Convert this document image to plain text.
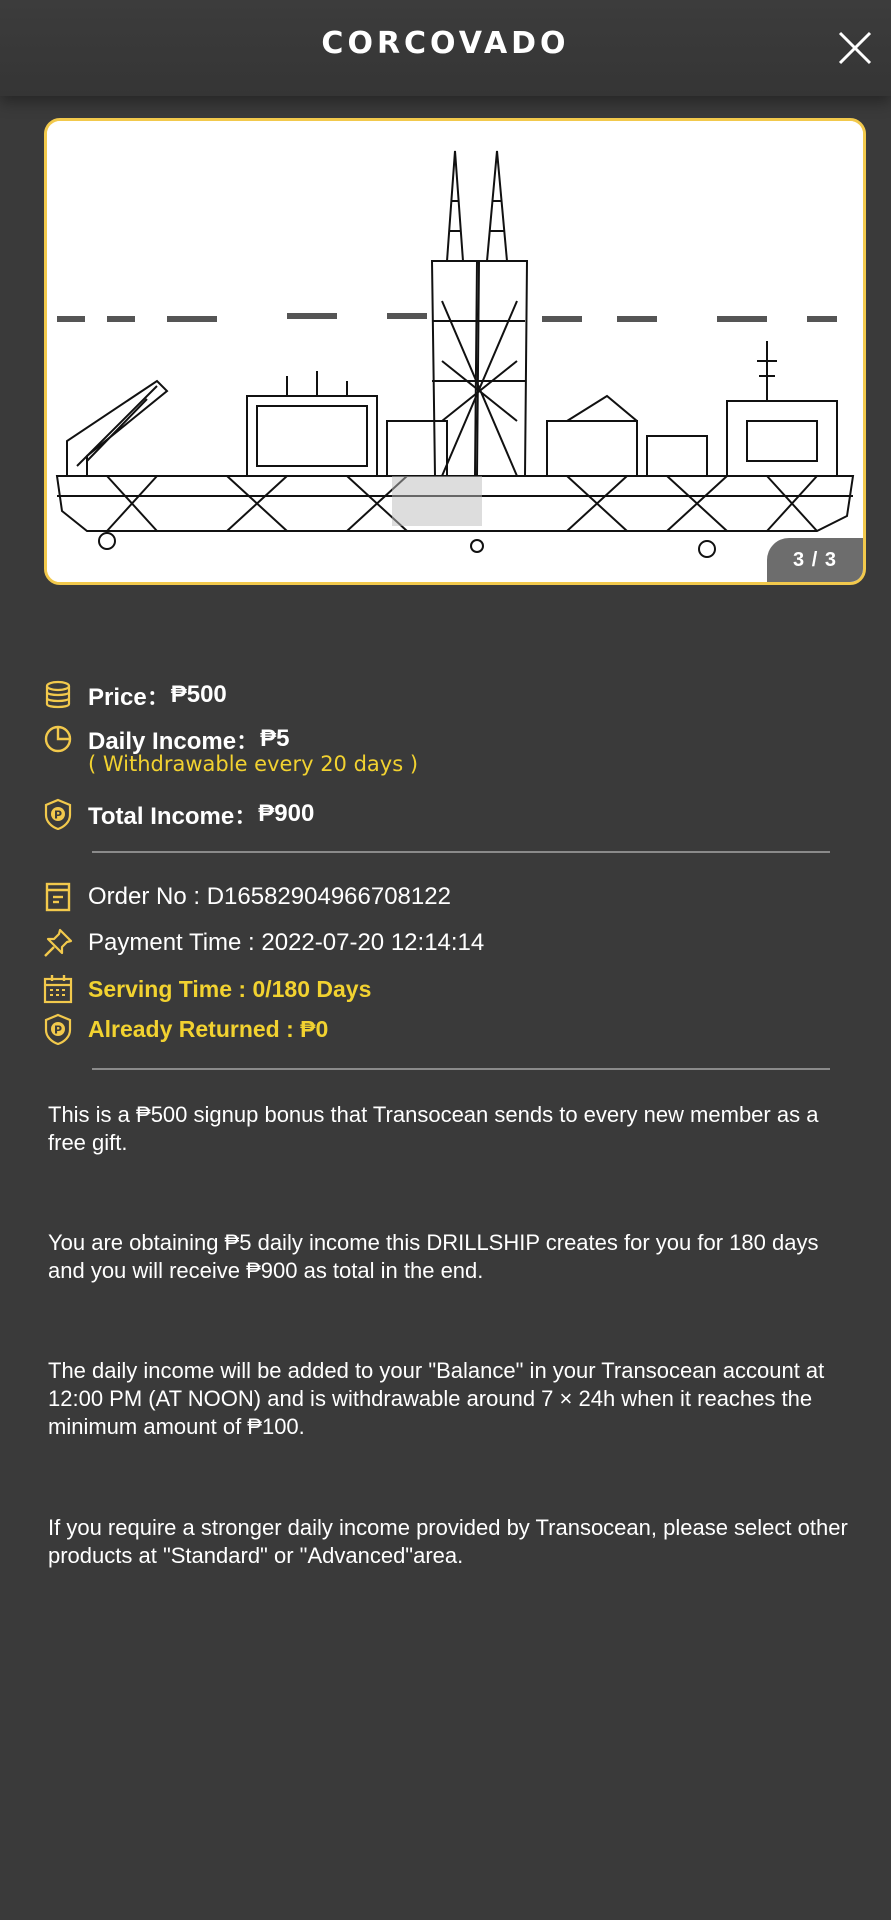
CORCOVADO
3 / 3
Price： ₱500
Daily Income： ₱5
( Withdrawable every 20 days )
P Total Income： ₱900
Order No : D16582904966708122
Payment Time : 2022-07-20 12:14:14
Serving Time : 0/180 Days
P Already Returned : ₱0
This is a ₱500 signup bonus that Transocean sends to every new member as a free gift.
You are obtaining ₱5 daily income this DRILLSHIP creates for you for 180 days and you will receive ₱900 as total in the end.
The daily income will be added to your "Balance" in your Transocean account at 12:00 PM (AT NOON) and is withdrawable around 7 × 24h when it reaches the minimum amount of ₱100.
If you require a stronger daily income provided by Transocean, please select other products at "Standard" or "Advanced"area.
